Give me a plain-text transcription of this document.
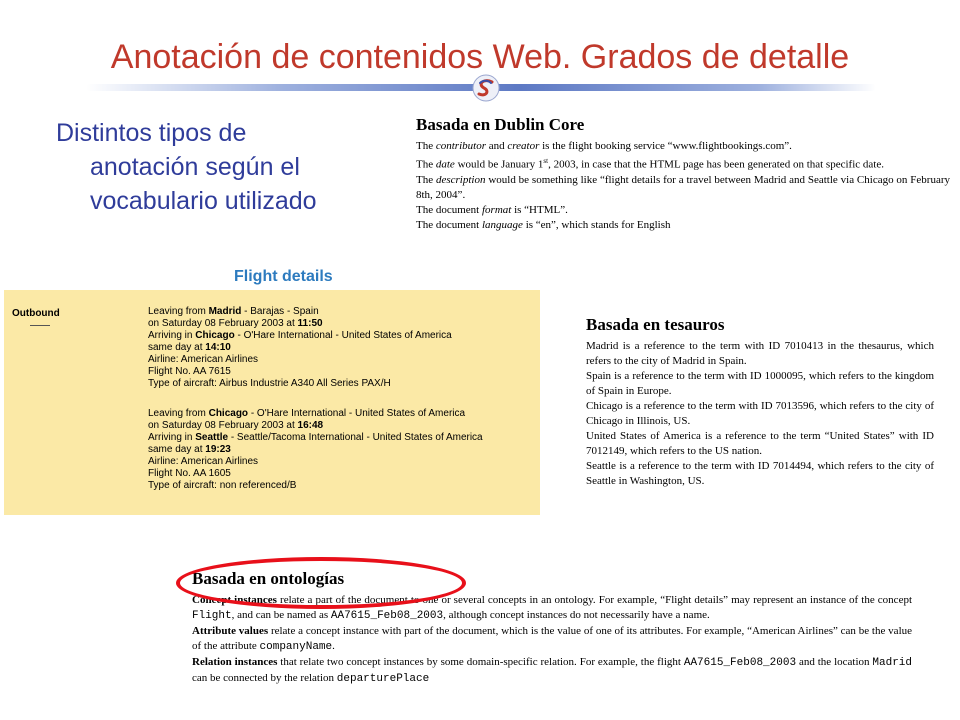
Anotación de contenidos Web. Grados de detalle
Distintos tipos de
anotación según el
vocabulario utilizado
Basada en Dublin Core

The contributor and creator is the flight booking service “www.flightbookings.com”.

The date would be January 1st, 2003, in case that the HTML page has been generated on that specific date.

The description would be something like “flight details for a travel between Madrid and Seattle via Chicago on February 8th, 2004”.

The document format is “HTML”.

The document language is “en”, which stands for English

Flight details
Outbound	Leaving from Madrid - Barajas - Spain
on Saturday 08 February 2003 at 11:50
Arriving in Chicago - O'Hare International - United States of America
same day at 14:10
Airline: American Airlines
Flight No. AA 7615
Type of aircraft: Airbus Industrie A340 All Series PAX/H
Leaving from Chicago - O'Hare International - United States of America
on Saturday 08 February 2003 at 16:48
Arriving in Seattle - Seattle/Tacoma International - United States of America
same day at 19:23
Airline: American Airlines
Flight No. AA 1605
Type of aircraft: non referenced/B
Basada en tesauros

Madrid is a reference to the term with ID 7010413 in the thesaurus, which refers to the city of Madrid in Spain.

Spain is a reference to the term with ID 1000095, which refers to the kingdom of Spain in Europe.

Chicago is a reference to the term with ID 7013596, which refers to the city of Chicago in Illinois, US.

United States of America is a reference to the term “United States” with ID 7012149, which refers to the US nation.

Seattle is a reference to the term with ID 7014494, which refers to the city of Seattle in Washington, US.

Basada en ontologías

Concept instances relate a part of the document to one or several concepts in an ontology. For example, “Flight details” may represent an instance of the concept Flight, and can be named as AA7615_Feb08_2003, although concept instances do not necessarily have a name.

Attribute values relate a concept instance with part of the document, which is the value of one of its attributes. For example, “American Airlines” can be the value of the attribute companyName.

Relation instances that relate two concept instances by some domain-specific relation. For example, the flight AA7615_Feb08_2003 and the location Madrid can be connected by the relation departurePlace
